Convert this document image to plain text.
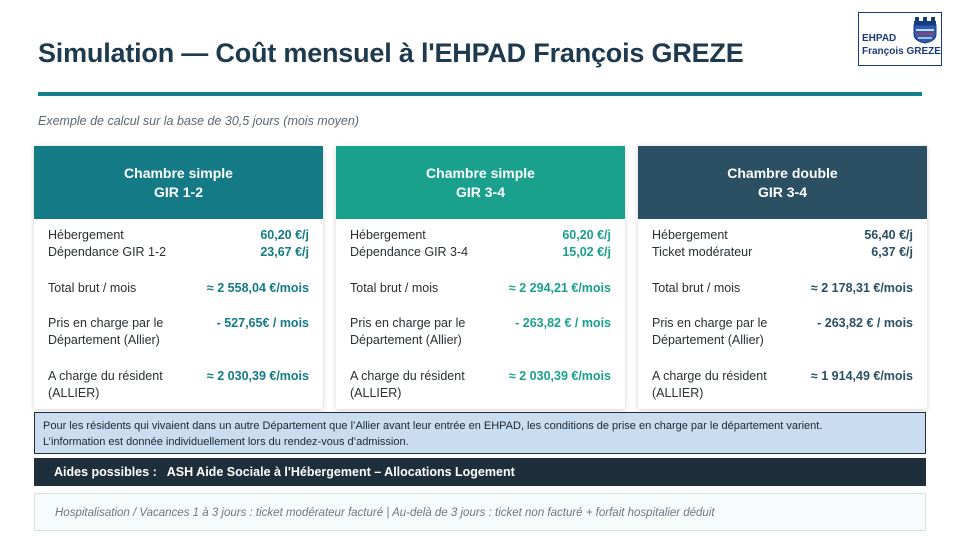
Simulation — Coût mensuel à l'EHPAD François GREZE	EHPAD
François GREZE
Exemple de calcul sur la base de 30,5 jours (mois moyen)
Chambre simple
GIR 1-2
Hébergement	60,20 €/j
Dépendance GIR 1-2	23,67 €/j
Total brut / mois	≈ 2 558,04 €/mois
Pris en charge par le
Département (Allier)
- 527,65€ / mois
A charge du résident
(ALLIER)
≈ 2 030,39 €/mois
Chambre simple
GIR 3-4
Hébergement	60,20 €/j
Dépendance GIR 3-4	15,02 €/j
Total brut / mois	≈ 2 294,21 €/mois
Pris en charge par le
Département (Allier)
- 263,82 € / mois
A charge du résident
(ALLIER)
≈ 2 030,39 €/mois
Chambre double
GIR 3-4
Hébergement	56,40 €/j
Ticket modérateur	6,37 €/j
Total brut / mois	≈ 2 178,31 €/mois
Pris en charge par le
Département (Allier)
- 263,82 € / mois
A charge du résident
(ALLIER)
≈ 1 914,49 €/mois
Pour les résidents qui vivaient dans un autre Département que l’Allier avant leur entrée en EHPAD, les conditions de prise en charge par le département varient.
L’information est donnée individuellement lors du rendez-vous d’admission.
Aides possibles : ASH Aide Sociale à l'Hébergement – Allocations Logement
Hospitalisation / Vacances 1 à 3 jours : ticket modérateur facturé | Au-delà de 3 jours : ticket non facturé + forfait hospitalier déduit
